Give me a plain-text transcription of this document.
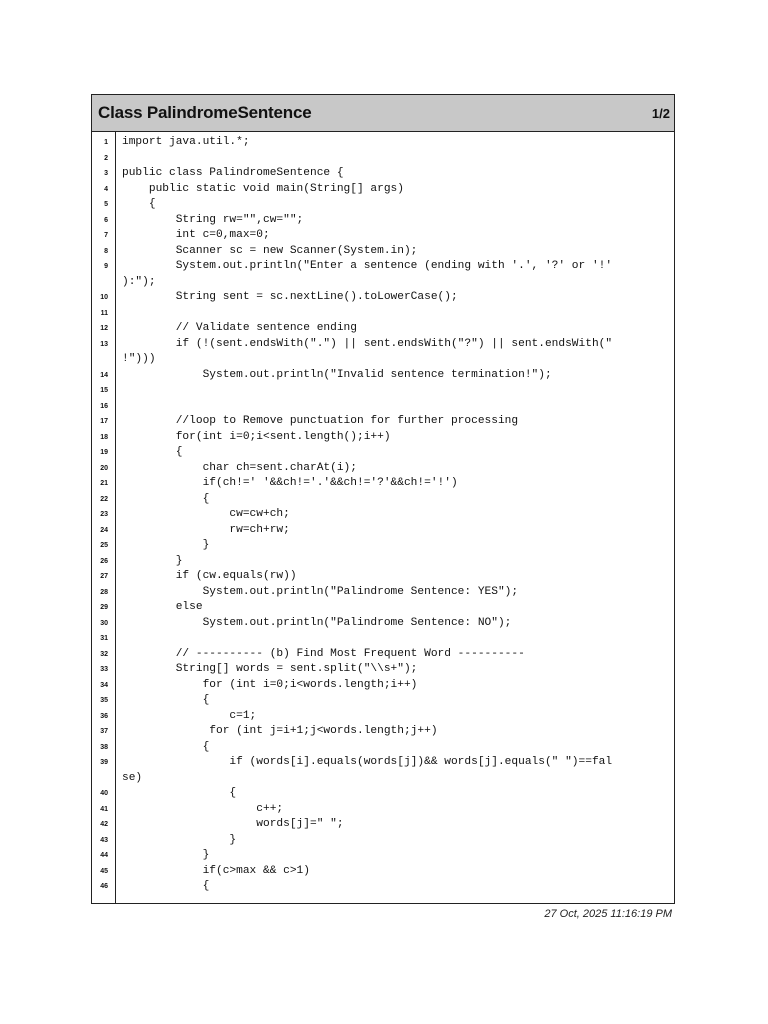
Class PalindromeSentence	1/2
1 import java.util.*;
2
3 public class PalindromeSentence {
4 public static void main(String[] args)
5 {
6 String rw="",cw="";
7 int c=0,max=0;
8 Scanner sc = new Scanner(System.in);
9 System.out.println("Enter a sentence (ending with '.', '?' or '!'
):");
10 String sent = sc.nextLine().toLowerCase();
11
12 // Validate sentence ending
13 if (!(sent.endsWith(".") || sent.endsWith("?") || sent.endsWith("
!")))
14 System.out.println("Invalid sentence termination!");
15
16
17 //loop to Remove punctuation for further processing
18 for(int i=0;i<sent.length();i++)
19 {
20 char ch=sent.charAt(i);
21 if(ch!=' '&&ch!='.'&&ch!='?'&&ch!='!')
22 {
23 cw=cw+ch;
24 rw=ch+rw;
25 }
26 }
27 if (cw.equals(rw))
28 System.out.println("Palindrome Sentence: YES");
29 else
30 System.out.println("Palindrome Sentence: NO");
31
32 // ---------- (b) Find Most Frequent Word ----------
33 String[] words = sent.split("\\s+");
34 for (int i=0;i<words.length;i++)
35 {
36 c=1;
37 for (int j=i+1;j<words.length;j++)
38 {
39 if (words[i].equals(words[j])&& words[j].equals(" ")==fal
se)
40 {
41 c++;
42 words[j]=" ";
43 }
44 }
45 if(c>max && c>1)
46 {
27 Oct, 2025 11:16:19 PM
